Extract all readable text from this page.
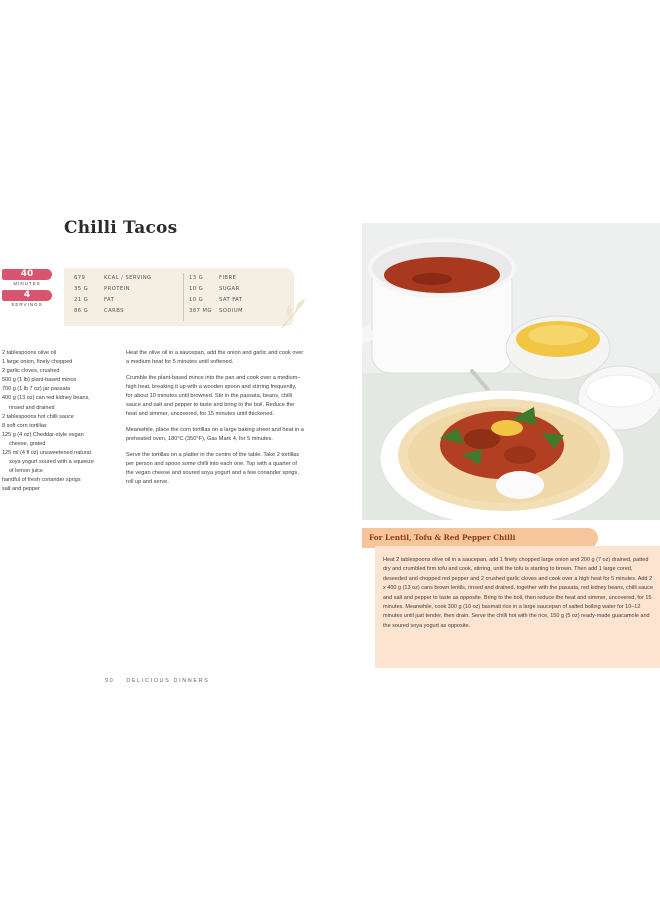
Chilli Tacos
40
MINUTES
4
SERVINGS
679	KCAL / SERVING
35 G	PROTEIN
21 G	FAT
86 G	CARBS
13 G	FIBRE
10 G	SUGAR
10 G	SAT FAT
387 MG	SODIUM
2 tablespoons olive oil
1 large onion, finely chopped
2 garlic cloves, crushed
500 g (1 lb) plant-based mince
700 g (1 lb 7 oz) jar passata
400 g (13 oz) can red kidney beans,
rinsed and drained
2 tablespoons hot chilli sauce
8 soft corn tortillas
125 g (4 oz) Cheddar-style vegan
cheese, grated
125 ml (4 fl oz) unsweetened natural
soya yogurt soured with a squeeze
of lemon juice
handful of fresh coriander sprigs
salt and pepper

Heat the olive oil in a saucepan, add the onion and garlic and cook over a medium heat for 5 minutes until softened.

Crumble the plant-based mince into the pan and cook over a medium–high heat, breaking it up with a wooden spoon and stirring frequently, for about 10 minutes until browned. Stir in the passata, beans, chilli sauce and salt and pepper to taste and bring to the boil. Reduce the heat and simmer, uncovered, for 15 minutes until thickened.

Meanwhile, place the corn tortillas on a large baking sheet and heat in a preheated oven, 180°C (350°F), Gas Mark 4, for 5 minutes.

Serve the tortillas on a platter in the centre of the table. Take 2 tortillas per person and spoon some chilli into each one. Top with a quarter of the vegan cheese and soured soya yogurt and a few coriander sprigs, roll up and serve.

90 DELICIOUS DINNERS
For Lentil, Tofu & Red Pepper Chilli
Heat 2 tablespoons olive oil in a saucepan, add 1 finely chopped large onion and 200 g (7 oz) drained, patted dry and crumbled firm tofu and cook, stirring, until the tofu is starting to brown. Then add 1 large cored, deseeded and chopped red pepper and 2 crushed garlic cloves and cook over a high heat for 5 minutes. Add 2 x 400 g (13 oz) cans brown lentils, rinsed and drained, together with the passata, red kidney beans, chilli sauce and salt and pepper to taste as opposite. Bring to the boil, then reduce the heat and simmer, uncovered, for 15 minutes. Meanwhile, cook 300 g (10 oz) basmati rice in a large saucepan of salted boiling water for 10–12 minutes until just tender, then drain. Serve the chilli hot with the rice, 150 g (5 oz) ready-made guacamole and the soured soya yogurt as opposite.
